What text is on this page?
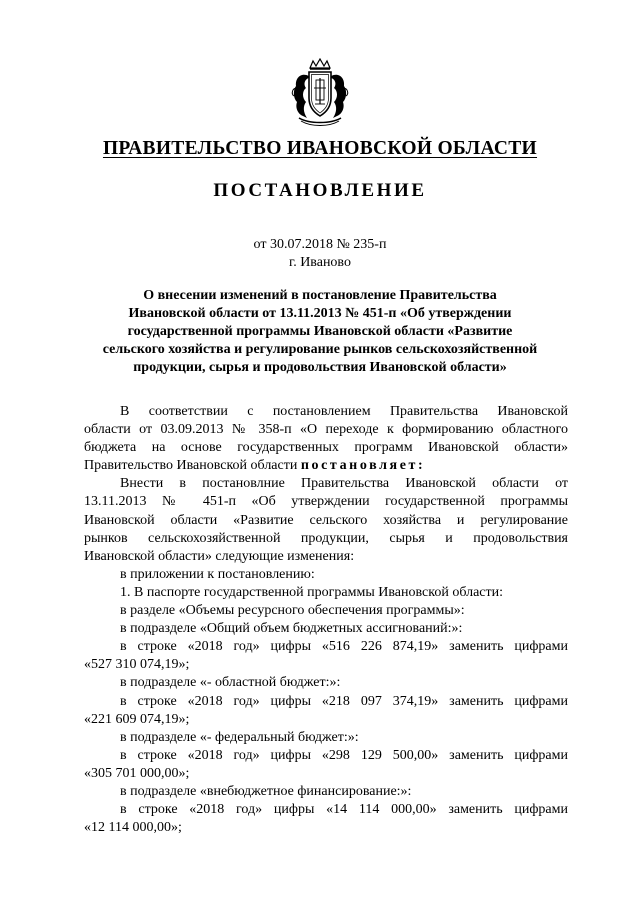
ПРАВИТЕЛЬСТВО ИВАНОВСКОЙ ОБЛАСТИ
ПОСТАНОВЛЕНИЕ
от 30.07.2018 № 235-п
г. Иваново
О внесении изменений в постановление Правительства
Ивановской области от 13.11.2013 № 451-п «Об утверждении
государственной программы Ивановской области «Развитие
сельского хозяйства и регулирование рынков сельскохозяйственной
продукции, сырья и продовольствия Ивановской области»
В соответствии с постановлением Правительства Ивановской
области от 03.09.2013 № 358-п «О переходе к формированию областного
бюджета на основе государственных программ Ивановской области»
Правительство Ивановской области постановляет:
Внести в постановлние Правительства Ивановской области от
13.11.2013 № 451-п «Об утверждении государственной программы
Ивановской области «Развитие сельского хозяйства и регулирование
рынков сельскохозяйственной продукции, сырья и продовольствия
Ивановской области» следующие изменения:
в приложении к постановлению:
1. В паспорте государственной программы Ивановской области:
в разделе «Объемы ресурсного обеспечения программы»:
в подразделе «Общий объем бюджетных ассигнований:»:
в строке «2018 год» цифры «516 226 874,19» заменить цифрами
«527 310 074,19»;
в подразделе «- областной бюджет:»:
в строке «2018 год» цифры «218 097 374,19» заменить цифрами
«221 609 074,19»;
в подразделе «- федеральный бюджет:»:
в строке «2018 год» цифры «298 129 500,00» заменить цифрами
«305 701 000,00»;
в подразделе «внебюджетное финансирование:»:
в строке «2018 год» цифры «14 114 000,00» заменить цифрами
«12 114 000,00»;
